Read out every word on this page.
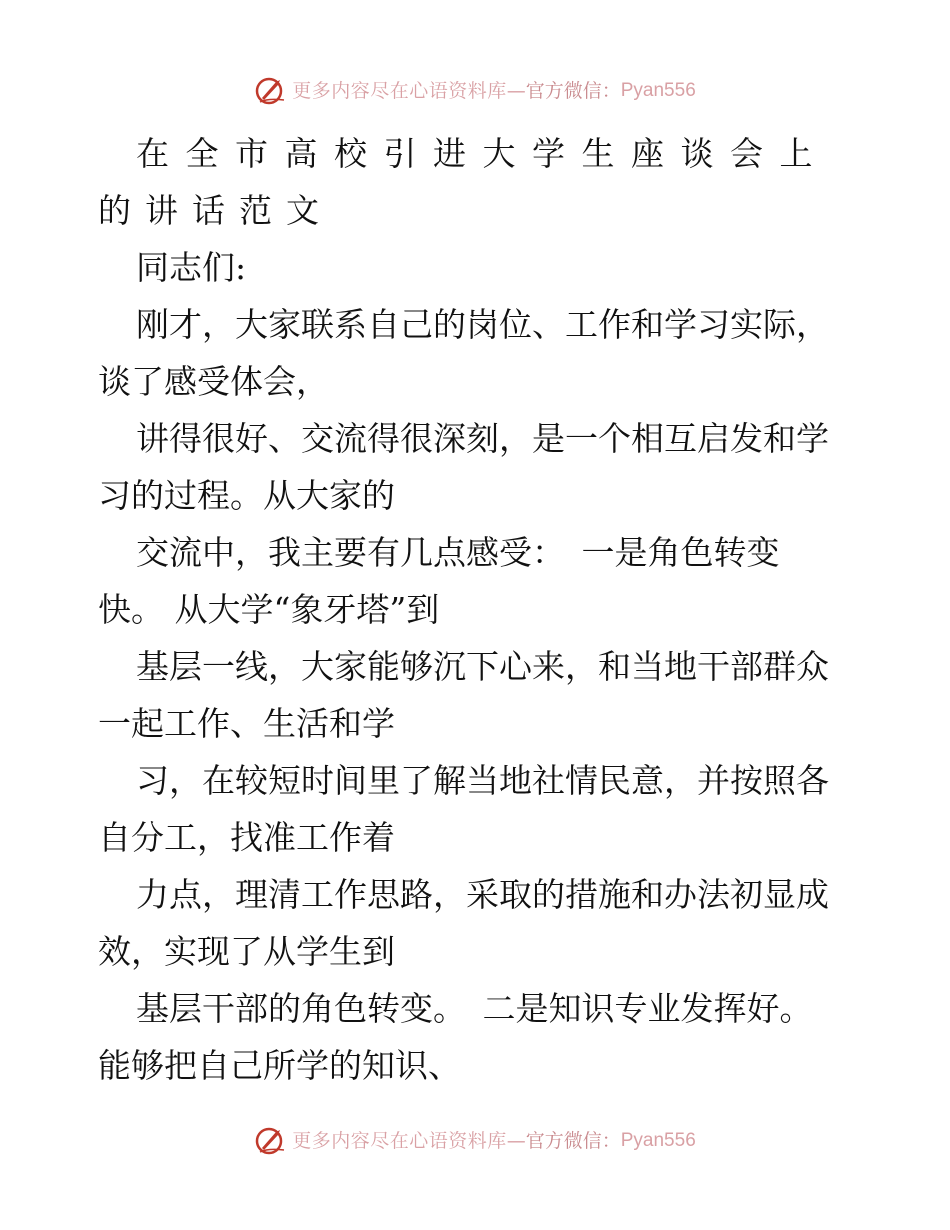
更多内容尽在心语资料库 — 官方微信： Pyan556
在全市高校引进大学生座谈会上
的讲话范文
同志们:
刚才，大家联系自己的岗位、工作和学习实际，
谈了感受体会，
讲得很好、交流得很深刻，是一个相互启发和学
习的过程。从大家的
交流中，我主要有几点感受：　一是角色转变
快。 从大学“象牙塔”到
基层一线，大家能够沉下心来，和当地干部群众
一起工作、生活和学
习，在较短时间里了解当地社情民意，并按照各
自分工，找准工作着
力点，理清工作思路，采取的措施和办法初显成
效，实现了从学生到
基层干部的角色转变。　二是知识专业发挥好。
能够把自己所学的知识、
更多内容尽在心语资料库 — 官方微信： Pyan556
